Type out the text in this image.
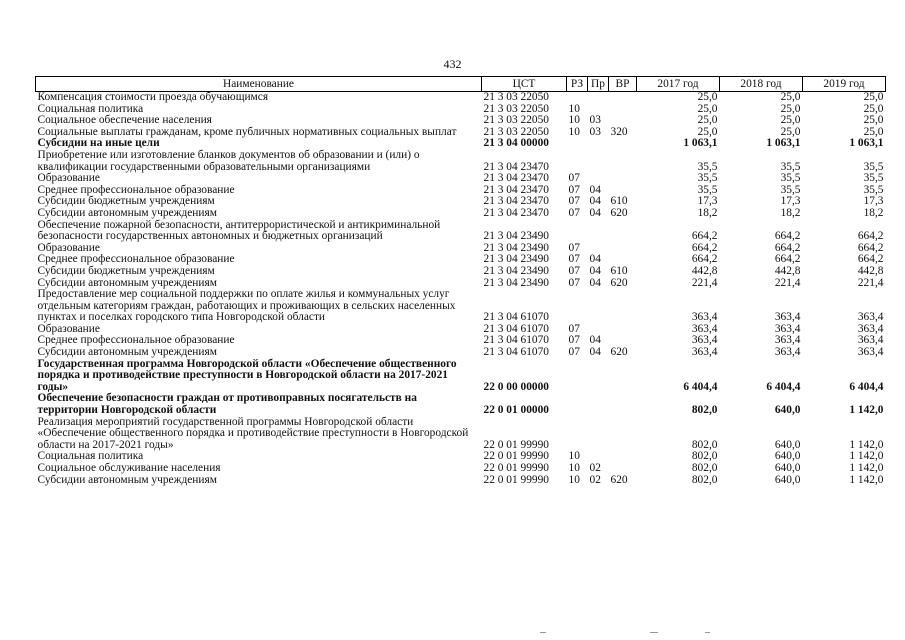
432
Наименование	ЦСТ	РЗ	Пр	ВР	2017 год	2018 год	2019 год
Компенсация стоимости проезда обучающимся	21 3 03 22050				25,0	25,0	25,0
Социальная политика	21 3 03 22050	10			25,0	25,0	25,0
Социальное обеспечение населения	21 3 03 22050	10	03		25,0	25,0	25,0
Социальные выплаты гражданам, кроме публичных нормативных социальных выплат	21 3 03 22050	10	03	320	25,0	25,0	25,0
Субсидии на иные цели	21 3 04 00000				1 063,1	1 063,1	1 063,1
Приобретение или изготовление бланков документов об образовании и (или) о квалификации государственными образовательными организациями	21 3 04 23470				35,5	35,5	35,5
Образование	21 3 04 23470	07			35,5	35,5	35,5
Среднее профессиональное образование	21 3 04 23470	07	04		35,5	35,5	35,5
Субсидии бюджетным учреждениям	21 3 04 23470	07	04	610	17,3	17,3	17,3
Субсидии автономным учреждениям	21 3 04 23470	07	04	620	18,2	18,2	18,2
Обеспечение пожарной безопасности, антитеррористической и антикриминальной безопасности государственных автономных и бюджетных организаций	21 3 04 23490				664,2	664,2	664,2
Образование	21 3 04 23490	07			664,2	664,2	664,2
Среднее профессиональное образование	21 3 04 23490	07	04		664,2	664,2	664,2
Субсидии бюджетным учреждениям	21 3 04 23490	07	04	610	442,8	442,8	442,8
Субсидии автономным учреждениям	21 3 04 23490	07	04	620	221,4	221,4	221,4
Предоставление мер социальной поддержки по оплате жилья и коммунальных услуг отдельным категориям граждан, работающих и проживающих в сельских населенных пунктах и поселках городского типа Новгородской области	21 3 04 61070				363,4	363,4	363,4
Образование	21 3 04 61070	07			363,4	363,4	363,4
Среднее профессиональное образование	21 3 04 61070	07	04		363,4	363,4	363,4
Субсидии автономным учреждениям	21 3 04 61070	07	04	620	363,4	363,4	363,4
Государственная программа Новгородской области «Обеспечение общественного порядка и противодействие преступности в Новгородской области на 2017-2021 годы»	22 0 00 00000				6 404,4	6 404,4	6 404,4
Обеспечение безопасности граждан от противоправных посягательств на территории Новгородской области	22 0 01 00000				802,0	640,0	1 142,0
Реализация мероприятий государственной программы Новгородской области «Обеспечение общественного порядка и противодействие преступности в Новгородской области на 2017-2021 годы»	22 0 01 99990				802,0	640,0	1 142,0
Социальная политика	22 0 01 99990	10			802,0	640,0	1 142,0
Социальное обслуживание населения	22 0 01 99990	10	02		802,0	640,0	1 142,0
Субсидии автономным учреждениям	22 0 01 99990	10	02	620	802,0	640,0	1 142,0
